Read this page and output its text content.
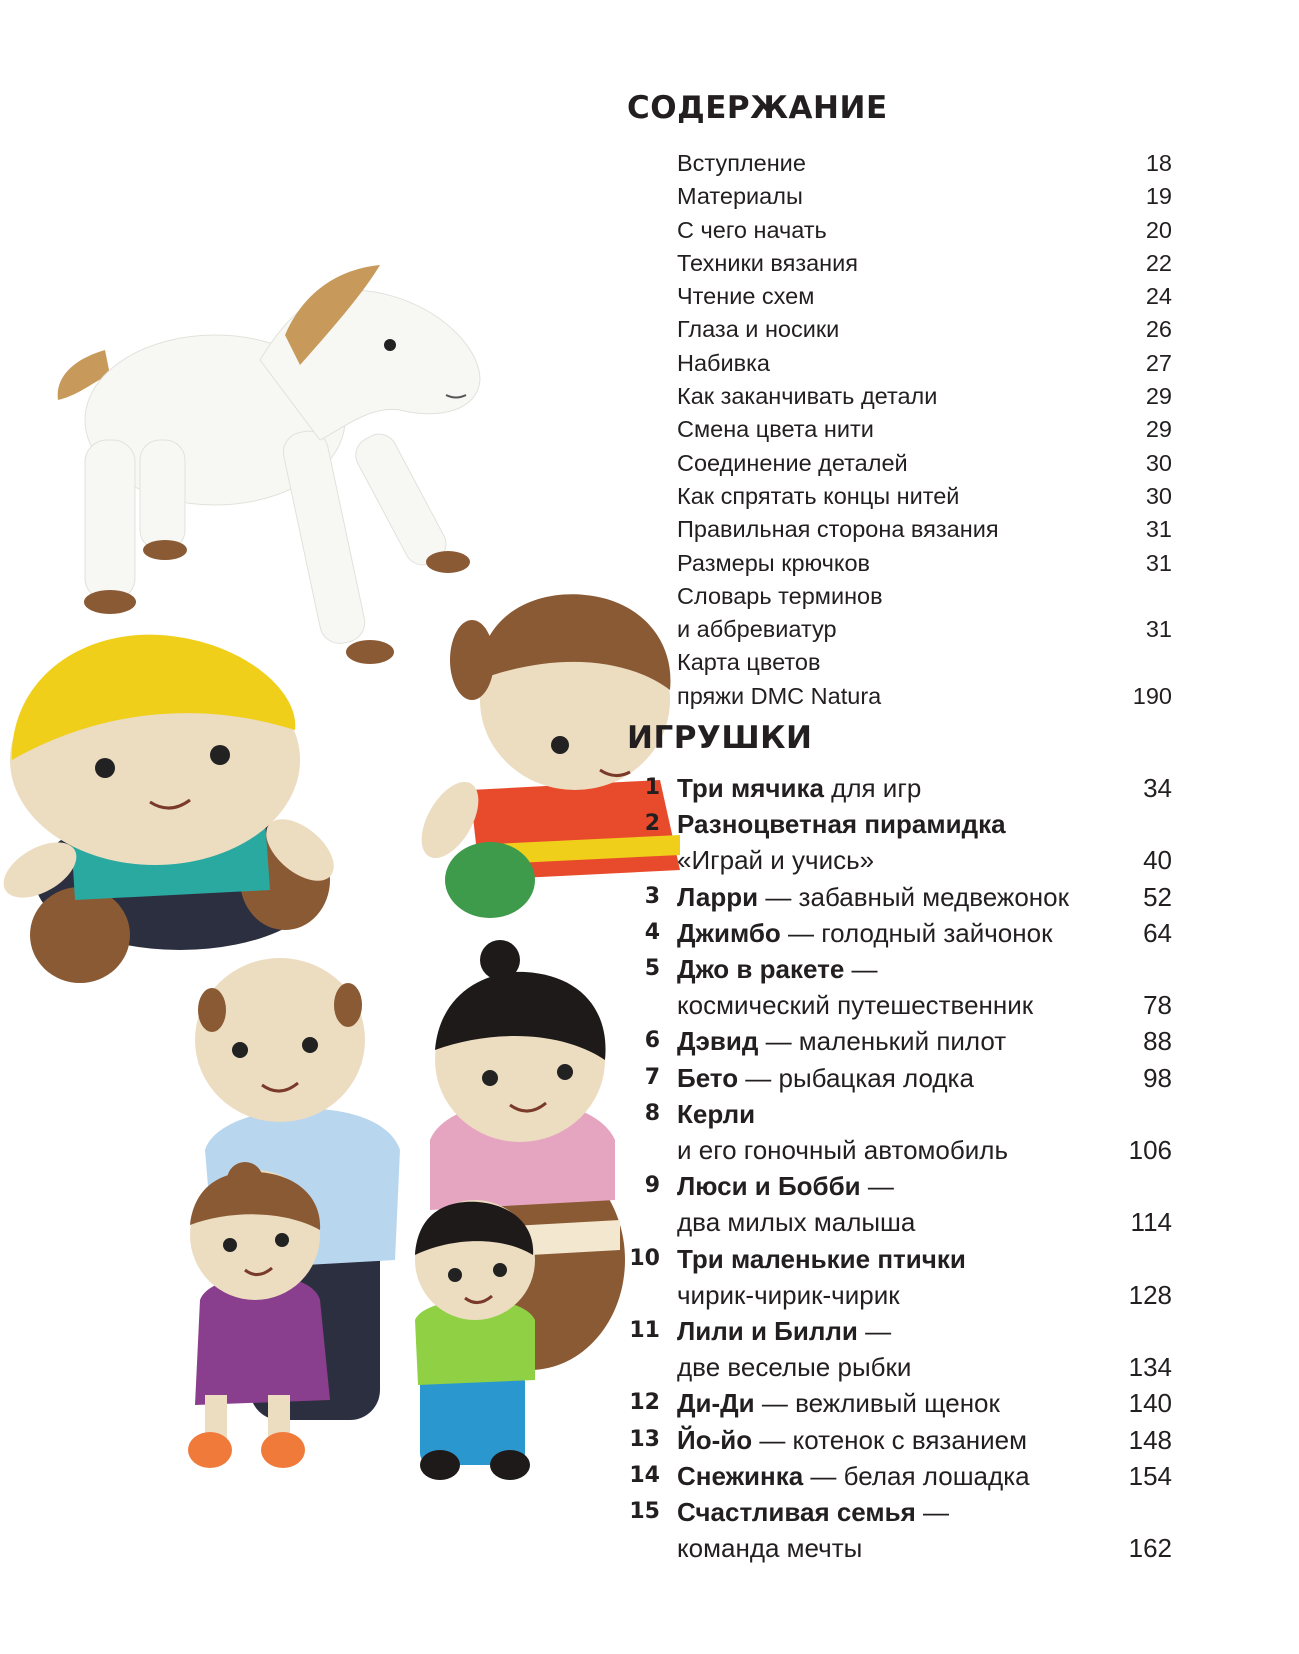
СОДЕРЖАНИЕ
Вступление	18
Материалы	19
С чего начать	20
Техники вязания	22
Чтение схем	24
Глаза и носики	26
Набивка	27
Как заканчивать детали	29
Смена цвета нити	29
Соединение деталей	30
Как спрятать концы нитей	30
Правильная сторона вязания	31
Размеры крючков	31
Словарь терминов
и аббревиатур	31
Карта цветов
пряжи DMC Natura	190
ИГРУШКИ
1 Три мячика для игр	34
2 Разноцветная пирамидка
«Играй и учись»	40
3 Ларри — забавный медвежонок	52
4 Джимбо — голодный зайчонок	64
5 Джо в ракете —
космический путешественник	78
6 Дэвид — маленький пилот	88
7 Бето — рыбацкая лодка	98
8 Керли
и его гоночный автомобиль	106
9 Люси и Бобби —
два милых малыша	114
10 Три маленькие птички
чирик-чирик-чирик	128
11 Лили и Билли —
две веселые рыбки	134
12 Ди-Ди — вежливый щенок	140
13 Йо-йо — котенок с вязанием	148
14 Снежинка — белая лошадка	154
15 Счастливая семья —
команда мечты	162
